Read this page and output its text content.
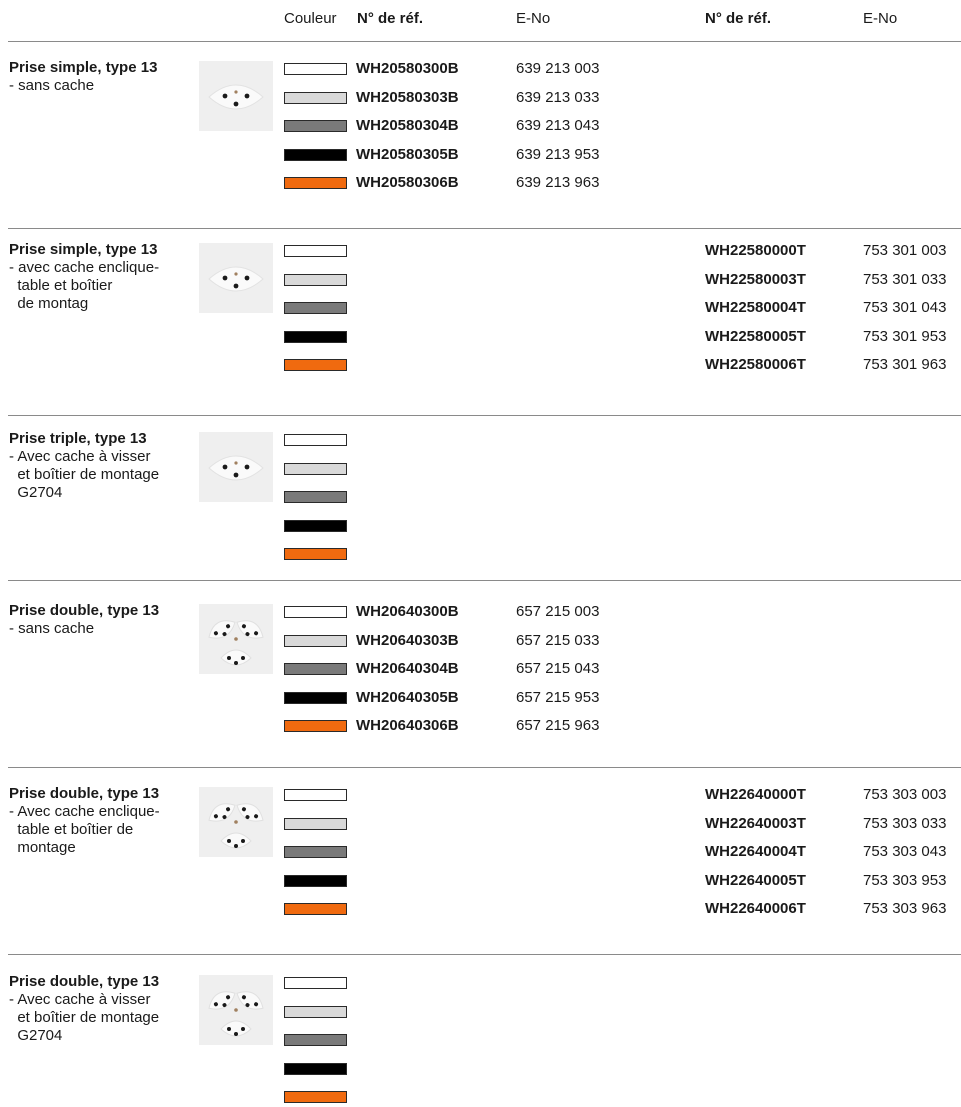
Couleur N° de réf.	E-No	N° de réf.	E-No
Prise simple, type 13
- sans cache
WH20580300B	639 213 003
WH20580303B	639 213 033
WH20580304B	639 213 043
WH20580305B	639 213 953
WH20580306B	639 213 963
Prise simple, type 13
- avec cache enclique-
table et boîtier
de montag
WH22580000T	753 301 003
WH22580003T	753 301 033
WH22580004T	753 301 043
WH22580005T	753 301 953
WH22580006T	753 301 963
Prise triple, type 13
- Avec cache à visser
et boîtier de montage
G2704
Prise double, type 13
- sans cache
WH20640300B	657 215 003
WH20640303B	657 215 033
WH20640304B	657 215 043
WH20640305B	657 215 953
WH20640306B	657 215 963
Prise double, type 13
- Avec cache enclique-
table et boîtier de
montage
WH22640000T	753 303 003
WH22640003T	753 303 033
WH22640004T	753 303 043
WH22640005T	753 303 953
WH22640006T	753 303 963
Prise double, type 13
- Avec cache à visser
et boîtier de montage
G2704
